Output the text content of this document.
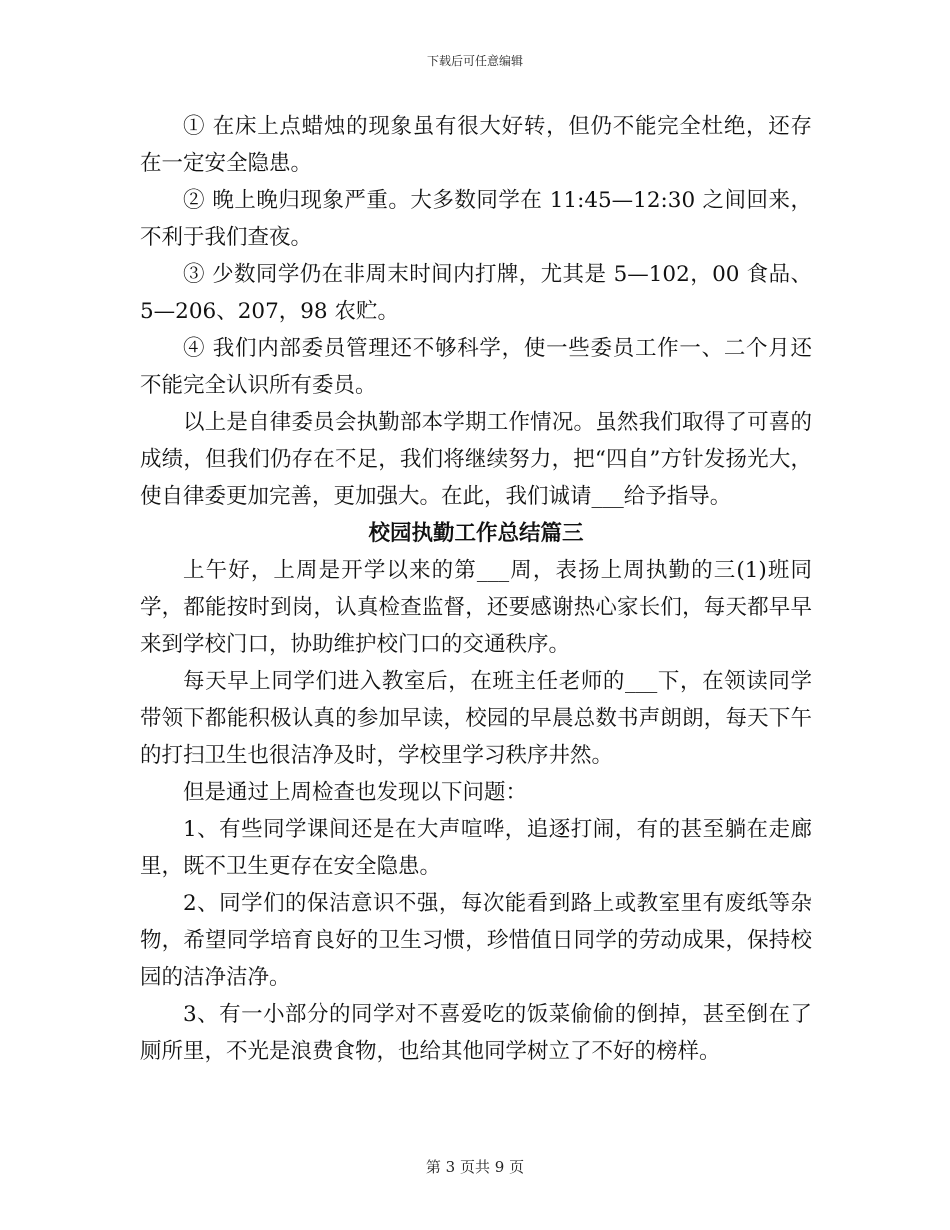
下载后可任意编辑

① 在床上点蜡烛的现象虽有很大好转，但仍不能完全杜绝，还存在一定安全隐患。

② 晚上晚归现象严重。大多数同学在 11:45—12:30 之间回来，不利于我们查夜。

③ 少数同学仍在非周末时间内打牌，尤其是 5—102，00 食品、5—206、207，98 农贮。

④ 我们内部委员管理还不够科学，使一些委员工作一、二个月还不能完全认识所有委员。

以上是自律委员会执勤部本学期工作情况。虽然我们取得了可喜的成绩，但我们仍存在不足，我们将继续努力，把“四自”方针发扬光大，使自律委更加完善，更加强大。在此，我们诚请___给予指导。

校园执勤工作总结篇三

上午好，上周是开学以来的第___周，表扬上周执勤的三(1)班同学，都能按时到岗，认真检查监督，还要感谢热心家长们，每天都早早来到学校门口，协助维护校门口的交通秩序。

每天早上同学们进入教室后，在班主任老师的___下，在领读同学带领下都能积极认真的参加早读，校园的早晨总数书声朗朗，每天下午的打扫卫生也很洁净及时，学校里学习秩序井然。

但是通过上周检查也发现以下问题：

1、有些同学课间还是在大声喧哗，追逐打闹，有的甚至躺在走廊里，既不卫生更存在安全隐患。

2、同学们的保洁意识不强，每次能看到路上或教室里有废纸等杂物，希望同学培育良好的卫生习惯，珍惜值日同学的劳动成果，保持校园的洁净洁净。

3、有一小部分的同学对不喜爱吃的饭菜偷偷的倒掉，甚至倒在了厕所里，不光是浪费食物，也给其他同学树立了不好的榜样。

第 3 页共 9 页
